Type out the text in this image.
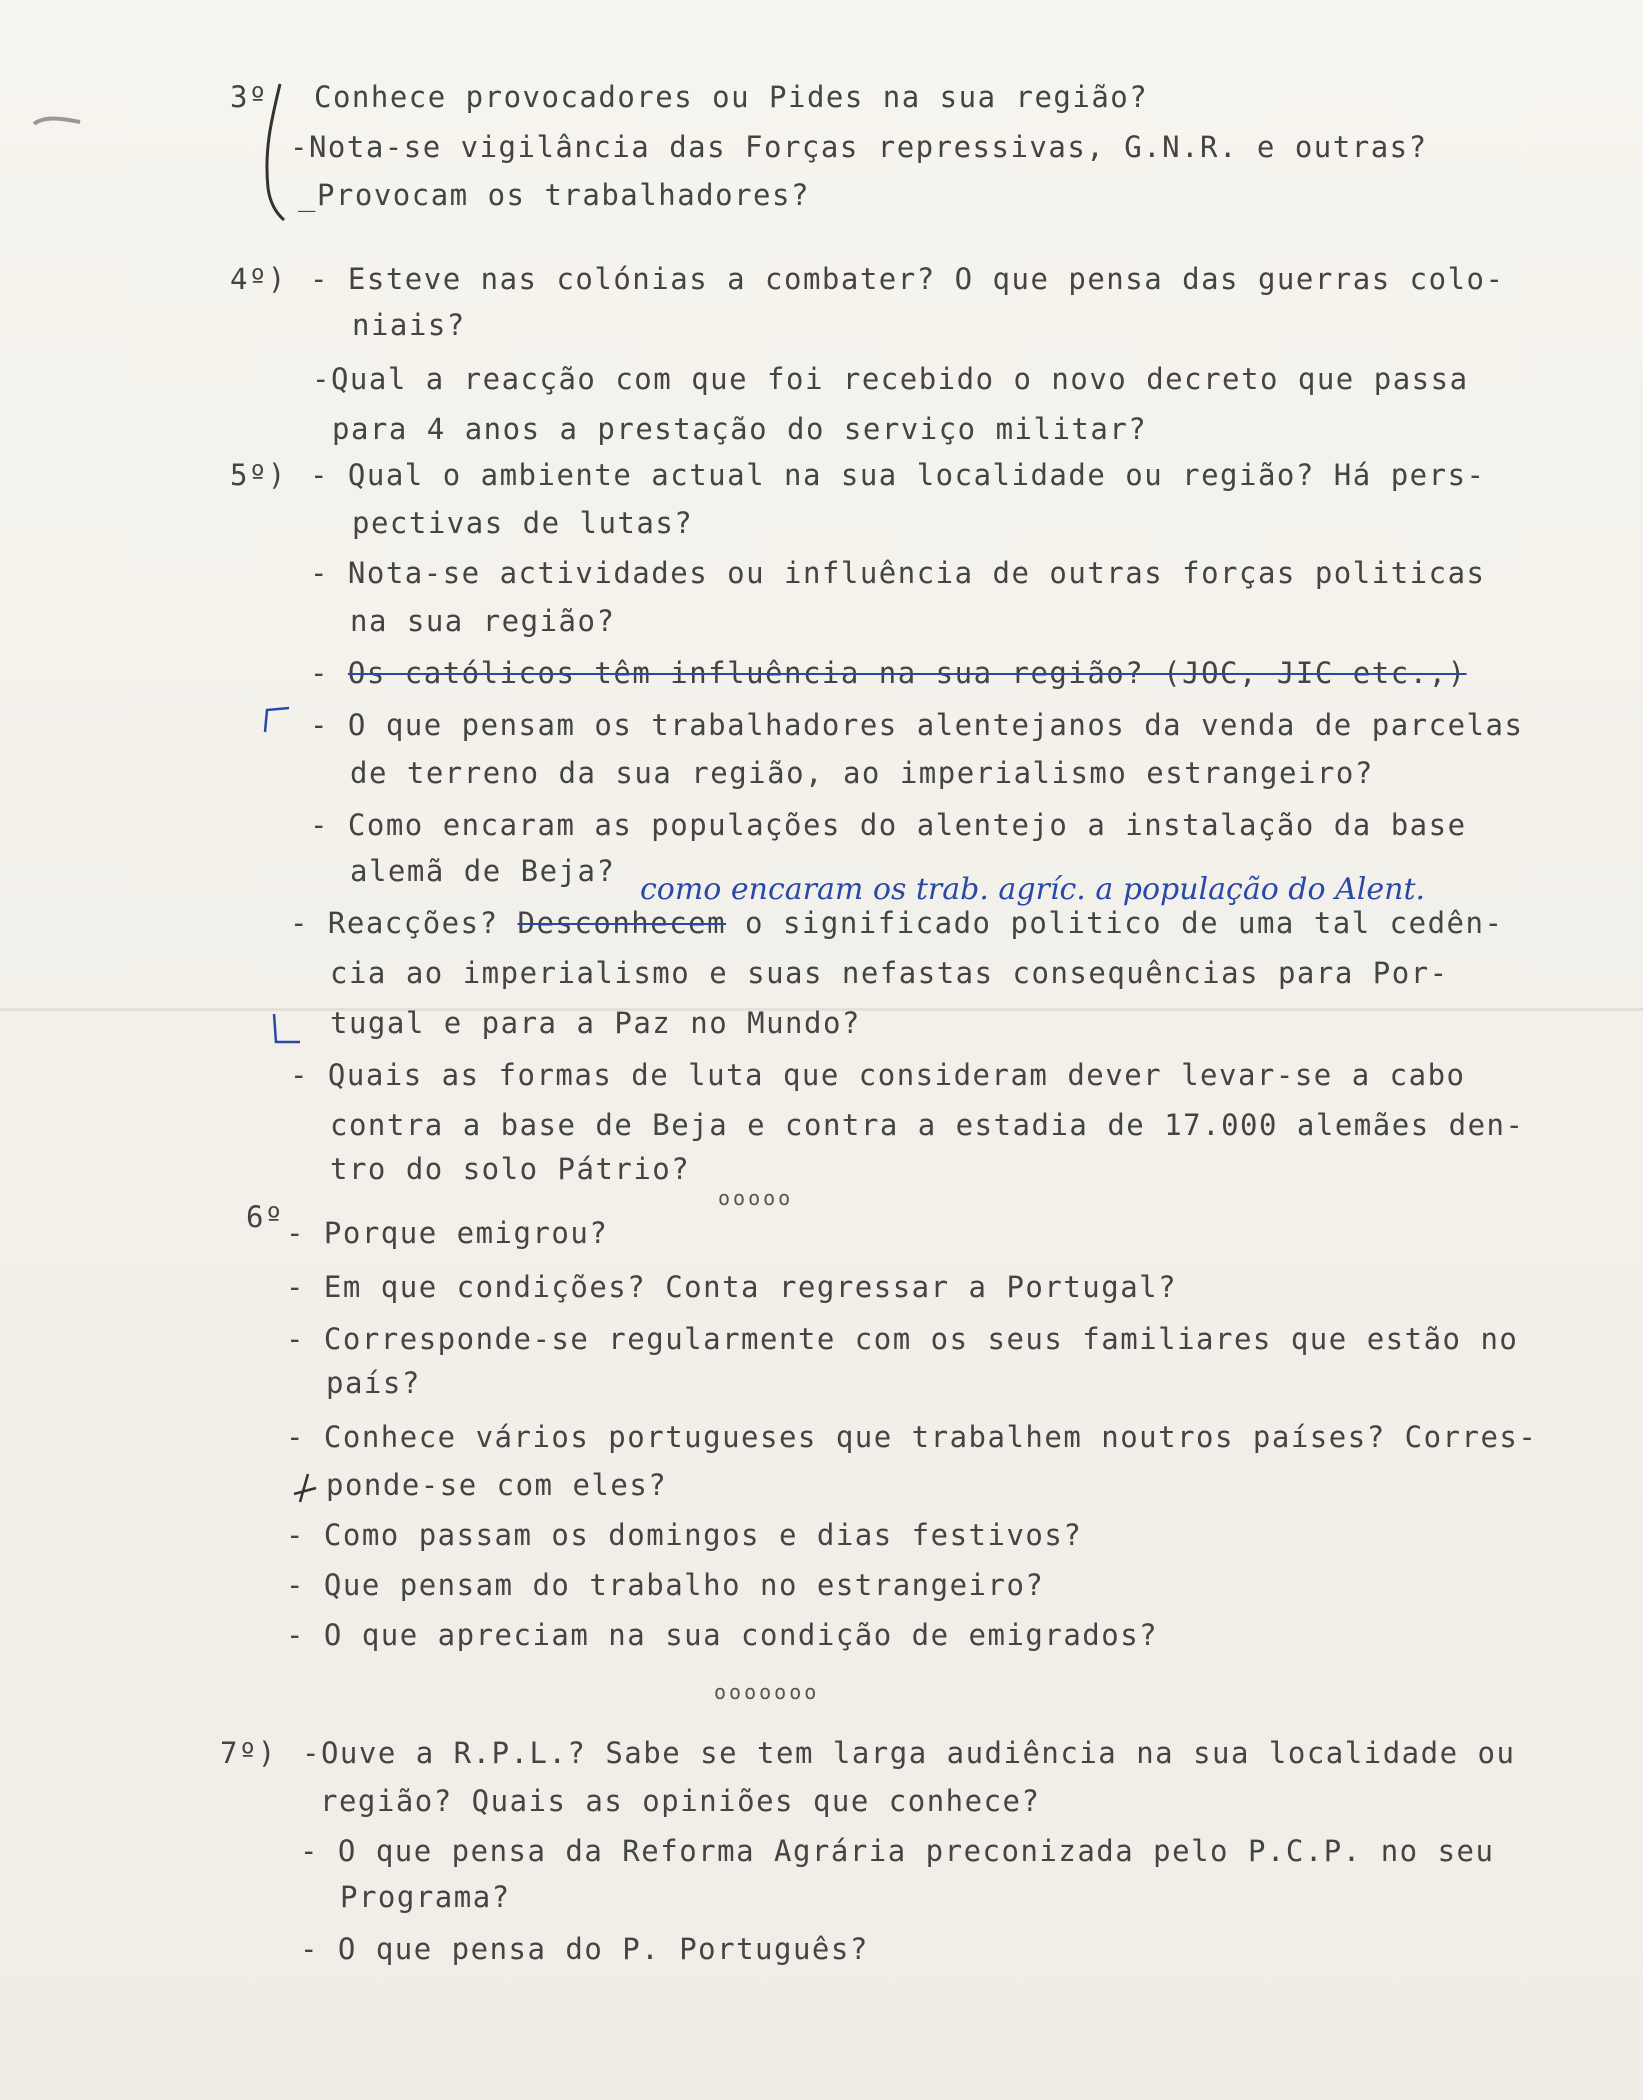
3º Conhece provocadores ou Pides na sua região?
-Nota-se vigilância das Forças repressivas, G.N.R. e outras?
_Provocam os trabalhadores?
4º) - Esteve nas colónias a combater? O que pensa das guerras colo-
niais?
-Qual a reacção com que foi recebido o novo decreto que passa
para 4 anos a prestação do serviço militar?
5º) - Qual o ambiente actual na sua localidade ou região? Há pers-
pectivas de lutas?
- Nota-se actividades ou influência de outras forças politicas
na sua região?
- Os católicos têm influência na sua região? (JOC, JIC etc.,)
- O que pensam os trabalhadores alentejanos da venda de parcelas
de terreno da sua região, ao imperialismo estrangeiro?
- Como encaram as populações do alentejo a instalação da base
alemã de Beja?
como encaram os trab. agríc. a população do Alent.
- Reacções? Desconhecem o significado politico de uma tal cedên-
cia ao imperialismo e suas nefastas consequências para Por-
tugal e para a Paz no Mundo?
- Quais as formas de luta que consideram dever levar-se a cabo
contra a base de Beja e contra a estadia de 17.000 alemães den-
tro do solo Pátrio?
ooooo
6º - Porque emigrou?
- Em que condições? Conta regressar a Portugal?
- Corresponde-se regularmente com os seus familiares que estão no
país?
- Conhece vários portugueses que trabalhem noutros países? Corres-
ponde-se com eles?
- Como passam os domingos e dias festivos?
- Que pensam do trabalho no estrangeiro?
- O que apreciam na sua condição de emigrados?
ooooooo
7º) -Ouve a R.P.L.? Sabe se tem larga audiência na sua localidade ou
região? Quais as opiniões que conhece?
- O que pensa da Reforma Agrária preconizada pelo P.C.P. no seu
Programa?
- O que pensa do P. Português?
